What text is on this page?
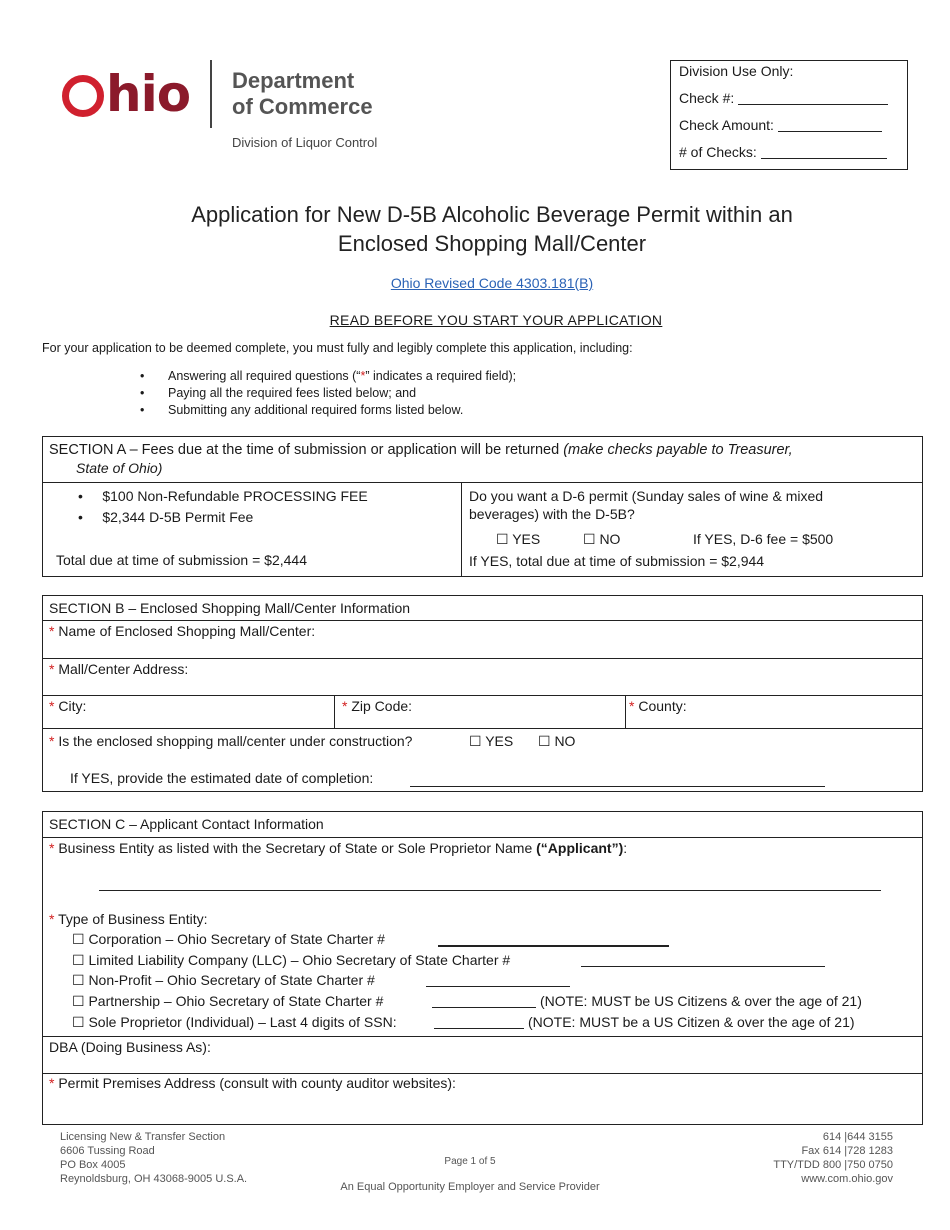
hio Department
of Commerce
Division of Liquor Control
Division Use Only:
Check #:
Check Amount:
# of Checks:
Application for New D-5B Alcoholic Beverage Permit within an
Enclosed Shopping Mall/Center
Ohio Revised Code 4303.181(B)
READ BEFORE YOU START YOUR APPLICATION
For your application to be deemed complete, you must fully and legibly complete this application, including:
• Answering all required questions (“*” indicates a required field);
• Paying all the required fees listed below; and
• Submitting any additional required forms listed below.
SECTION A – Fees due at the time of submission or application will be returned (make checks payable to Treasurer,
State of Ohio)
•     $100 Non-Refundable PROCESSING FEE
•     $2,344 D-5B Permit Fee
Total due at time of submission = $2,444
Do you want a D-6 permit (Sunday sales of wine & mixed
beverages) with the D-5B?
☐ YES	☐ NO	If YES, D-6 fee = $500
If YES, total due at time of submission = $2,944
SECTION B – Enclosed Shopping Mall/Center Information
* Name of Enclosed Shopping Mall/Center:
* Mall/Center Address:
* City:	* Zip Code:	* County:
* Is the enclosed shopping mall/center under construction?	☐ YES ☐ NO
If YES, provide the estimated date of completion:
SECTION C – Applicant Contact Information
* Business Entity as listed with the Secretary of State or Sole Proprietor Name (“Applicant”):
* Type of Business Entity:
☐ Corporation – Ohio Secretary of State Charter #
☐ Limited Liability Company (LLC) – Ohio Secretary of State Charter #
☐ Non-Profit – Ohio Secretary of State Charter #
☐ Partnership – Ohio Secretary of State Charter #	(NOTE: MUST be US Citizens & over the age of 21)
☐ Sole Proprietor (Individual) – Last 4 digits of SSN:	(NOTE: MUST be a US Citizen & over the age of 21)
DBA (Doing Business As):
* Permit Premises Address (consult with county auditor websites):
Licensing New & Transfer Section
6606 Tussing Road
PO Box 4005
Reynoldsburg, OH 43068-9005 U.S.A.
Page 1 of 5
An Equal Opportunity Employer and Service Provider
614 |644 3155
Fax 614 |728 1283
TTY/TDD 800 |750 0750
www.com.ohio.gov
